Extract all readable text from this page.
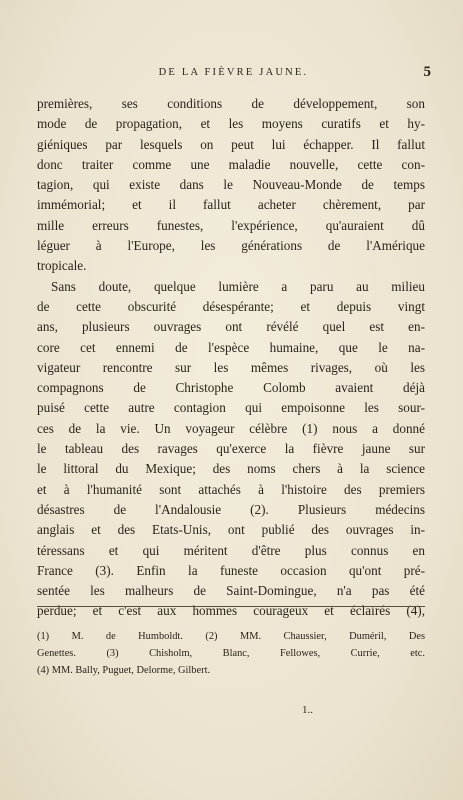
DE LA FIÈVRE JAUNE.	5
premières, ses conditions de développement, son
mode de propagation, et les moyens curatifs et hy-
giéniques par lesquels on peut lui échapper. Il fallut
donc traiter comme une maladie nouvelle, cette con-
tagion, qui existe dans le Nouveau-Monde de temps
immémorial; et il fallut acheter chèrement, par
mille erreurs funestes, l'expérience, qu'auraient dû
léguer à l'Europe, les générations de l'Amérique
tropicale.
Sans doute, quelque lumière a paru au milieu
de cette obscurité désespérante; et depuis vingt
ans, plusieurs ouvrages ont révélé quel est en-
core cet ennemi de l'espèce humaine, que le na-
vigateur rencontre sur les mêmes rivages, où les
compagnons de Christophe Colomb avaient déjà
puisé cette autre contagion qui empoisonne les sour-
ces de la vie. Un voyageur célèbre (1) nous a donné
le tableau des ravages qu'exerce la fièvre jaune sur
le littoral du Mexique; des noms chers à la science
et à l'humanité sont attachés à l'histoire des premiers
désastres de l'Andalousie (2). Plusieurs médecins
anglais et des Etats-Unis, ont publié des ouvrages in-
téressans et qui méritent d'être plus connus en
France (3). Enfin la funeste occasion qu'ont pré-
sentée les malheurs de Saint-Domingue, n'a pas été
perdue; et c'est aux hommes courageux et éclairés (4),
(1) M. de Humboldt. (2) MM. Chaussier, Duméril, Des
Genettes. (3) Chisholm, Blanc, Fellowes, Currie, etc.
(4) MM. Bally, Puguet, Delorme, Gilbert.
1..
